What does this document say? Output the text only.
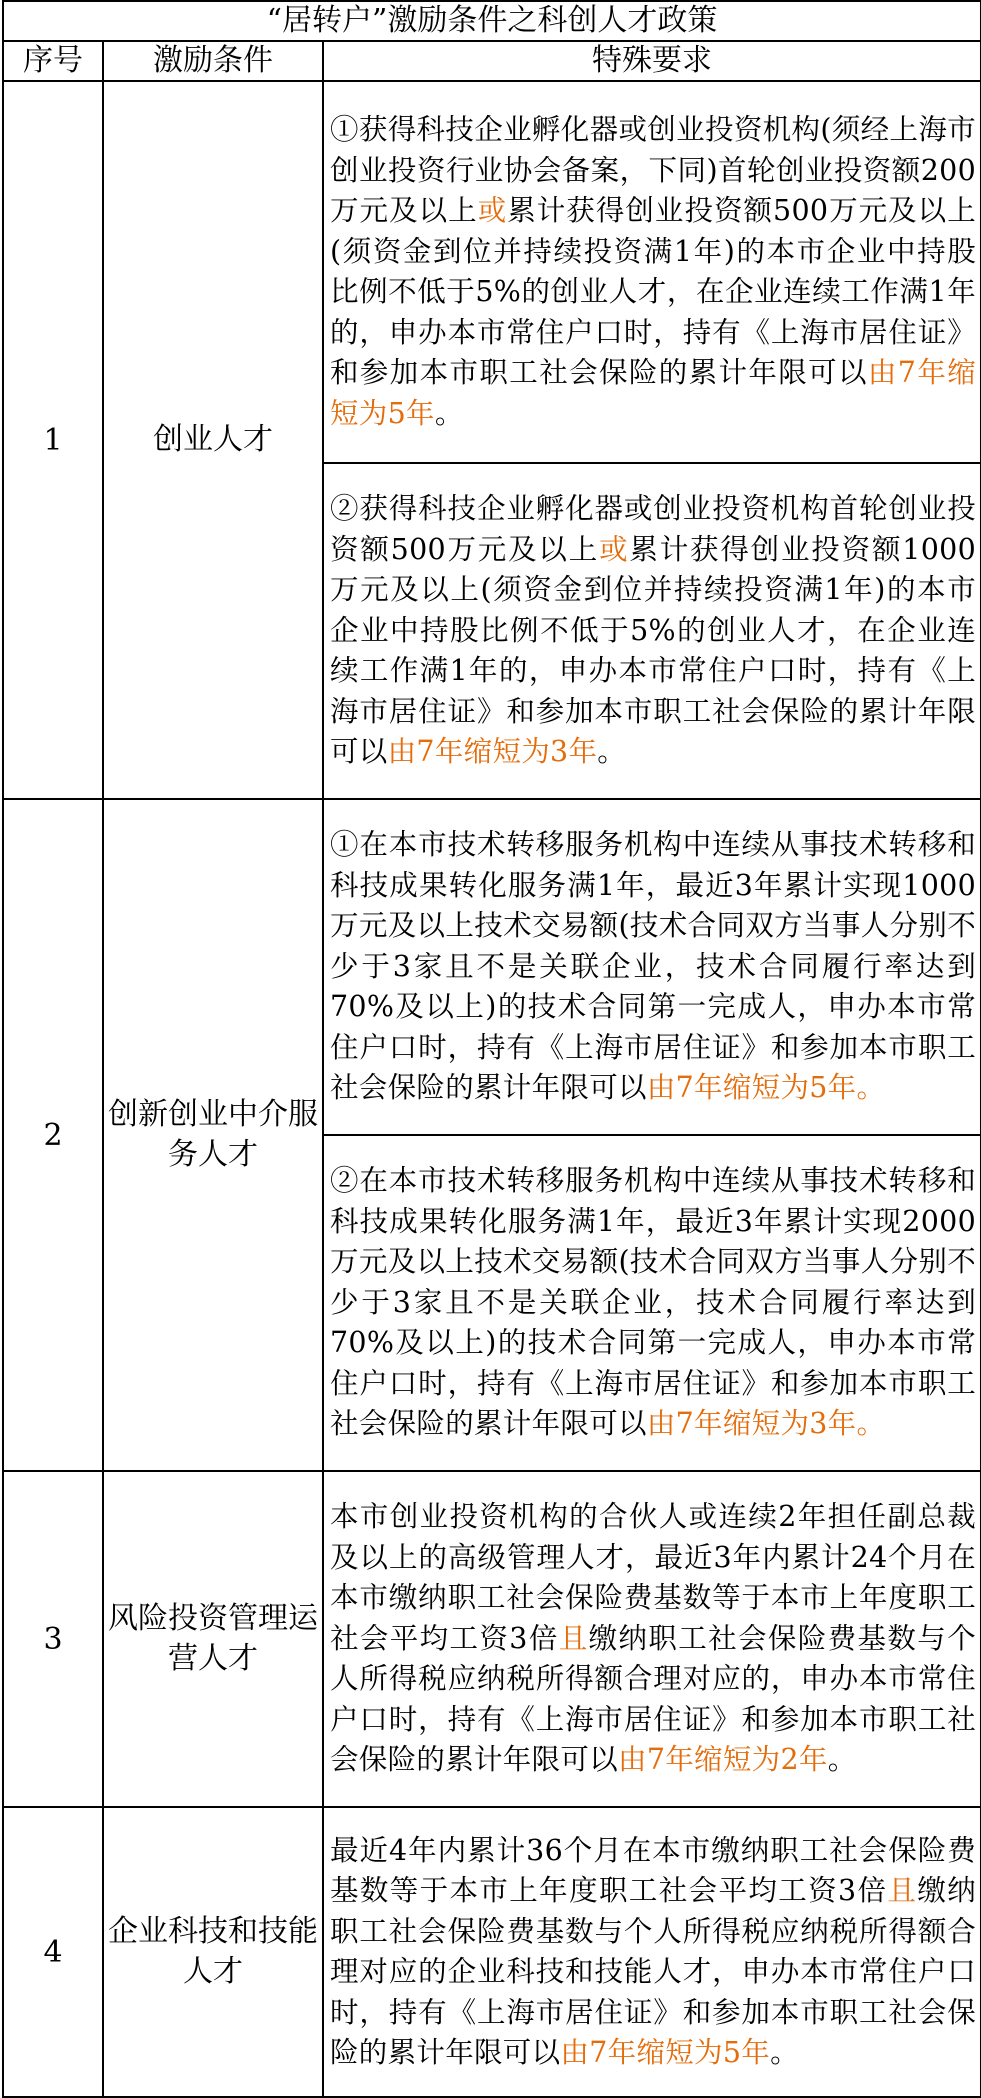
“居转户”激励条件之科创人才政策		
序号	激励条件	特殊要求
1	创业人才	①获得科技企业孵化器或创业投资机构(须经上海市创业投资行业协会备案，下同)首轮创业投资额200万元及以上或累计获得创业投资额500万元及以上(须资金到位并持续投资满1年)的本市企业中持股比例不低于5%的创业人才，在企业连续工作满1年的，申办本市常住户口时，持有《上海市居住证》和参加本市职工社会保险的累计年限可以由7年缩短为5年。
		②获得科技企业孵化器或创业投资机构首轮创业投资额500万元及以上或累计获得创业投资额1000万元及以上(须资金到位并持续投资满1年)的本市企业中持股比例不低于5%的创业人才，在企业连续工作满1年的，申办本市常住户口时，持有《上海市居住证》和参加本市职工社会保险的累计年限可以由7年缩短为3年。
2	创新创业中介服务人才	①在本市技术转移服务机构中连续从事技术转移和科技成果转化服务满1年，最近3年累计实现1000万元及以上技术交易额(技术合同双方当事人分别不少于3家且不是关联企业，技术合同履行率达到70%及以上)的技术合同第一完成人，申办本市常住户口时，持有《上海市居住证》和参加本市职工社会保险的累计年限可以由7年缩短为5年。
		②在本市技术转移服务机构中连续从事技术转移和科技成果转化服务满1年，最近3年累计实现2000万元及以上技术交易额(技术合同双方当事人分别不少于3家且不是关联企业，技术合同履行率达到70%及以上)的技术合同第一完成人，申办本市常住户口时，持有《上海市居住证》和参加本市职工社会保险的累计年限可以由7年缩短为3年。
3	风险投资管理运营人才	本市创业投资机构的合伙人或连续2年担任副总裁及以上的高级管理人才，最近3年内累计24个月在本市缴纳职工社会保险费基数等于本市上年度职工社会平均工资3倍且缴纳职工社会保险费基数与个人所得税应纳税所得额合理对应的，申办本市常住户口时，持有《上海市居住证》和参加本市职工社会保险的累计年限可以由7年缩短为2年。
4	企业科技和技能人才	最近4年内累计36个月在本市缴纳职工社会保险费基数等于本市上年度职工社会平均工资3倍且缴纳职工社会保险费基数与个人所得税应纳税所得额合理对应的企业科技和技能人才，申办本市常住户口时，持有《上海市居住证》和参加本市职工社会保险的累计年限可以由7年缩短为5年。
